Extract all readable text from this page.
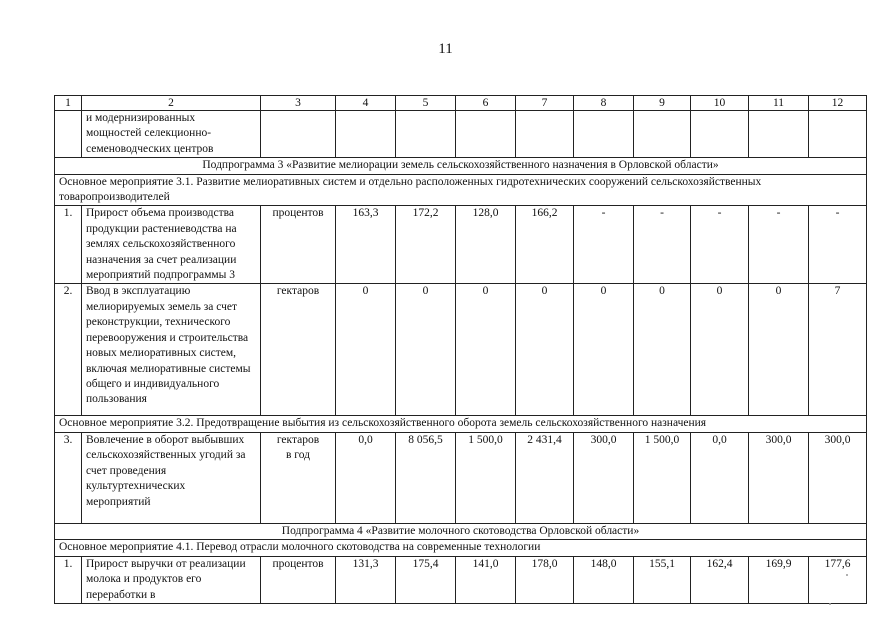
11
1	2	3	4	5	6	7	8	9	10	11	12
	и модернизированных мощностей селекционно-семеноводческих центров										
Подпрограмма 3 «Развитие мелиорации земель сельскохозяйственного назначения в Орловской области»											
Основное мероприятие 3.1. Развитие мелиоративных систем и отдельно расположенных гидротехнических сооружений сельскохозяйственных товаропроизводителей											
1.	Прирост объема производства продукции растениеводства на землях сельскохозяйственного назначения за счет реализации мероприятий подпрограммы 3	процентов	163,3	172,2	128,0	166,2	-	-	-	-	-
2.	Ввод в эксплуатацию мелиорируемых земель за счет реконструкции, технического перевооружения и строительства новых мелиоративных систем, включая мелиоративные системы общего и индивидуального пользования	гектаров	0	0	0	0	0	0	0	0	7
Основное мероприятие 3.2. Предотвращение выбытия из сельскохозяйственного оборота земель сельскохозяйственного назначения											
3.	Вовлечение в оборот выбывших сельскохозяйственных угодий за счет проведения культуртехнических мероприятий	гектаров в год	0,0	8 056,5	1 500,0	2 431,4	300,0	1 500,0	0,0	300,0	300,0
Подпрограмма 4 «Развитие молочного скотоводства Орловской области»											
Основное мероприятие 4.1. Перевод отрасли молочного скотоводства на современные технологии											
1.	Прирост выручки от реализации молока и продуктов его переработки в	процентов	131,3	175,4	141,0	178,0	148,0	155,1	162,4	169,9	177,6
